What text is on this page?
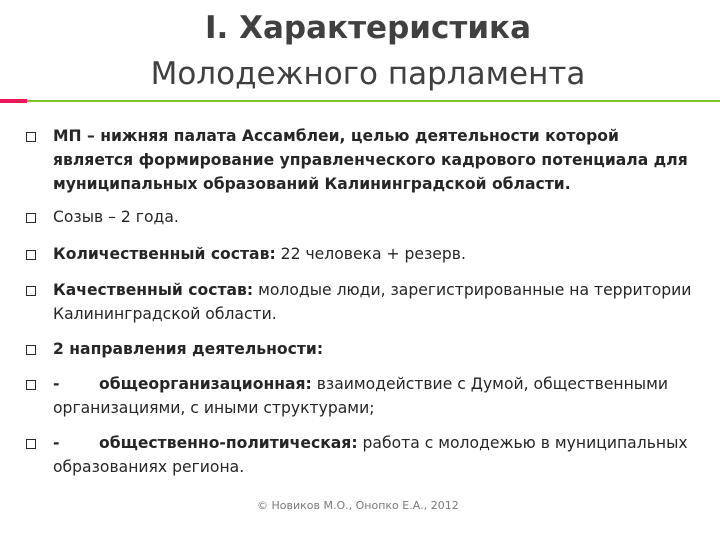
I. Характеристика
Молодежного парламента
МП – нижняя палата Ассамблеи, целью деятельности которой является формирование управленческого кадрового потенциала для муниципальных образований Калининградской области.
Созыв – 2 года.
Количественный состав: 22 человека + резерв.
Качественный состав: молодые люди, зарегистрированные на территории Калининградской области.
2 направления деятельности:
-	общеорганизационная: взаимодействие с Думой, общественными организациями, с иными структурами;
-	общественно-политическая: работа с молодежью в муниципальных образованиях региона.
© Новиков М.О., Онопко Е.А., 2012
